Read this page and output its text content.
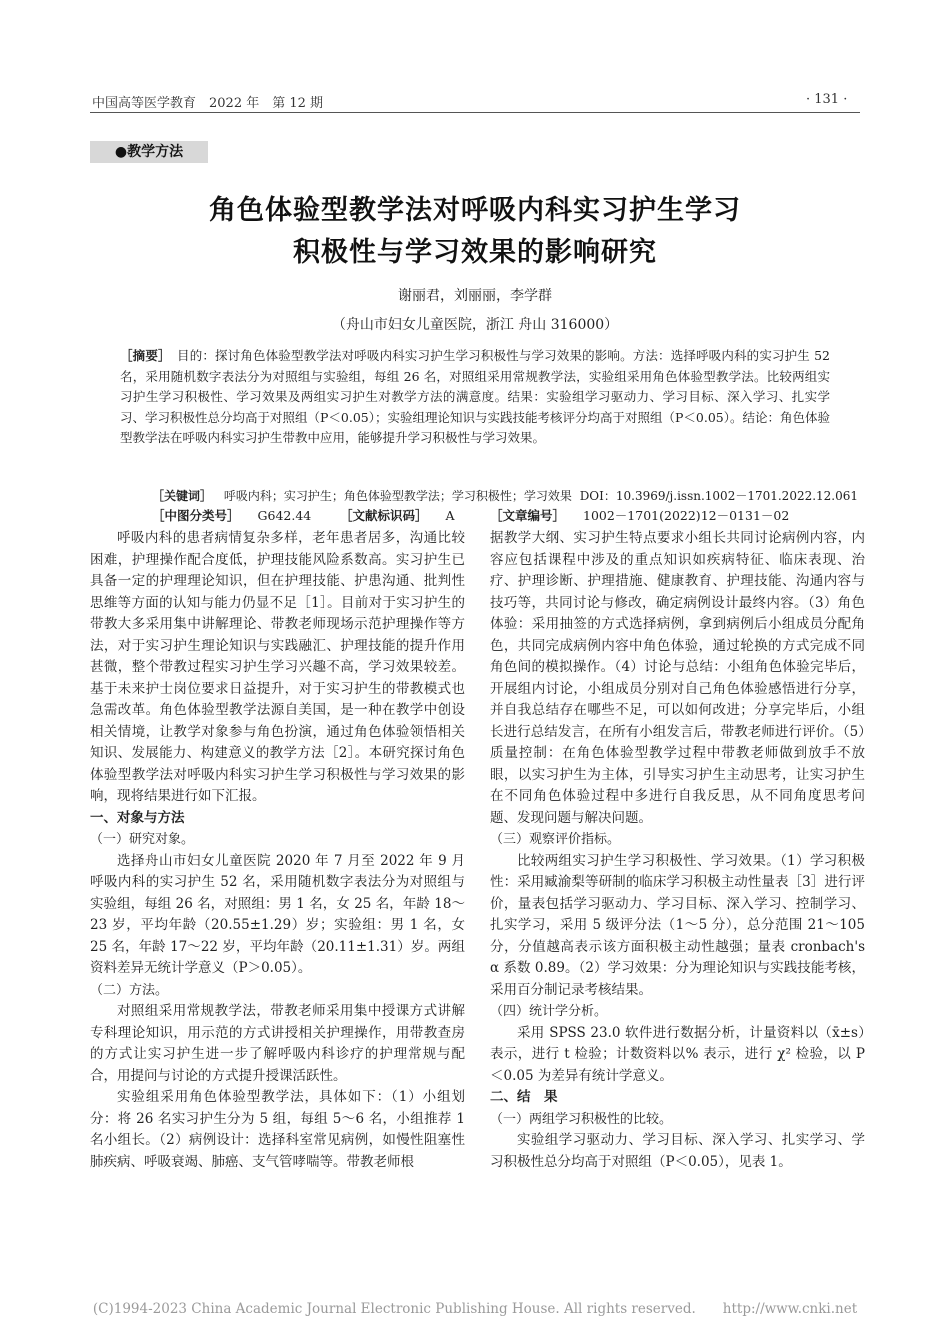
中国高等医学教育　2022 年　第 12 期	· 131 ·
●教学方法
角色体验型教学法对呼吸内科实习护生学习
积极性与学习效果的影响研究
谢丽君，刘丽丽，李学群
（舟山市妇女儿童医院，浙江 舟山 316000）
［摘要］　目的：探讨角色体验型教学法对呼吸内科实习护生学习积极性与学习效果的影响。方法：选择呼吸内科的实习护生 52 名，采用随机数字表法分为对照组与实验组，每组 26 名，对照组采用常规教学法，实验组采用角色体验型教学法。比较两组实习护生学习积极性、学习效果及两组实习护生对教学方法的满意度。结果：实验组学习驱动力、学习目标、深入学习、扎实学习、学习积极性总分均高于对照组（P＜0.05）；实验组理论知识与实践技能考核评分均高于对照组（P＜0.05）。结论：角色体验型教学法在呼吸内科实习护生带教中应用，能够提升学习积极性与学习效果。
［关键词］ 呼吸内科；实习护生；角色体验型教学法；学习积极性；学习效果 DOI：10.3969/j.issn.1002－1701.2022.12.061
［中图分类号］ G642.44 ［文献标识码］ A	［文章编号］ 1002－1701(2022)12－0131－02

呼吸内科的患者病情复杂多样，老年患者居多，沟通比较困难，护理操作配合度低，护理技能风险系数高。实习护生已具备一定的护理理论知识，但在护理技能、护患沟通、批判性思维等方面的认知与能力仍显不足［1］。目前对于实习护生的带教大多采用集中讲解理论、带教老师现场示范护理操作等方法，对于实习护生理论知识与实践融汇、护理技能的提升作用甚微，整个带教过程实习护生学习兴趣不高，学习效果较差。基于未来护士岗位要求日益提升，对于实习护生的带教模式也急需改革。角色体验型教学法源自美国，是一种在教学中创设相关情境，让教学对象参与角色扮演，通过角色体验领悟相关知识、发展能力、构建意义的教学方法［2］。本研究探讨角色体验型教学法对呼吸内科实习护生学习积极性与学习效果的影响，现将结果进行如下汇报。

一、对象与方法

（一）研究对象。

选择舟山市妇女儿童医院 2020 年 7 月至 2022 年 9 月呼吸内科的实习护生 52 名，采用随机数字表法分为对照组与实验组，每组 26 名，对照组：男 1 名，女 25 名，年龄 18～23 岁，平均年龄（20.55±1.29）岁；实验组：男 1 名，女 25 名，年龄 17～22 岁，平均年龄（20.11±1.31）岁。两组资料差异无统计学意义（P＞0.05）。

（二）方法。

对照组采用常规教学法，带教老师采用集中授课方式讲解专科理论知识，用示范的方式讲授相关护理操作，用带教查房的方式让实习护生进一步了解呼吸内科诊疗的护理常规与配合，用提问与讨论的方式提升授课活跃性。

实验组采用角色体验型教学法，具体如下：（1）小组划分：将 26 名实习护生分为 5 组，每组 5～6 名，小组推荐 1 名小组长。（2）病例设计：选择科室常见病例，如慢性阻塞性肺疾病、呼吸衰竭、肺癌、支气管哮喘等。带教老师根

据教学大纲、实习护生特点要求小组长共同讨论病例内容，内容应包括课程中涉及的重点知识如疾病特征、临床表现、治疗、护理诊断、护理措施、健康教育、护理技能、沟通内容与技巧等，共同讨论与修改，确定病例设计最终内容。（3）角色体验：采用抽签的方式选择病例，拿到病例后小组成员分配角色，共同完成病例内容中角色体验，通过轮换的方式完成不同角色间的模拟操作。（4）讨论与总结：小组角色体验完毕后，开展组内讨论，小组成员分别对自己角色体验感悟进行分享，并自我总结存在哪些不足，可以如何改进；分享完毕后，小组长进行总结发言，在所有小组发言后，带教老师进行评价。（5）质量控制：在角色体验型教学过程中带教老师做到放手不放眼，以实习护生为主体，引导实习护生主动思考，让实习护生在不同角色体验过程中多进行自我反思，从不同角度思考问题、发现问题与解决问题。

（三）观察评价指标。

比较两组实习护生学习积极性、学习效果。（1）学习积极性：采用臧渝梨等研制的临床学习积极主动性量表［3］进行评价，量表包括学习驱动力、学习目标、深入学习、控制学习、扎实学习，采用 5 级评分法（1～5 分），总分范围 21～105 分，分值越高表示该方面积极主动性越强；量表 cronbach's α 系数 0.89。（2）学习效果：分为理论知识与实践技能考核，采用百分制记录考核结果。

（四）统计学分析。

采用 SPSS 23.0 软件进行数据分析，计量资料以（x̄±s）表示，进行 t 检验；计数资料以% 表示，进行 χ² 检验，以 P＜0.05 为差异有统计学意义。

二、结　果

（一）两组学习积极性的比较。

实验组学习驱动力、学习目标、深入学习、扎实学习、学习积极性总分均高于对照组（P＜0.05），见表 1。

(C)1994-2023 China Academic Journal Electronic Publishing House. All rights reserved.　　http://www.cnki.net
